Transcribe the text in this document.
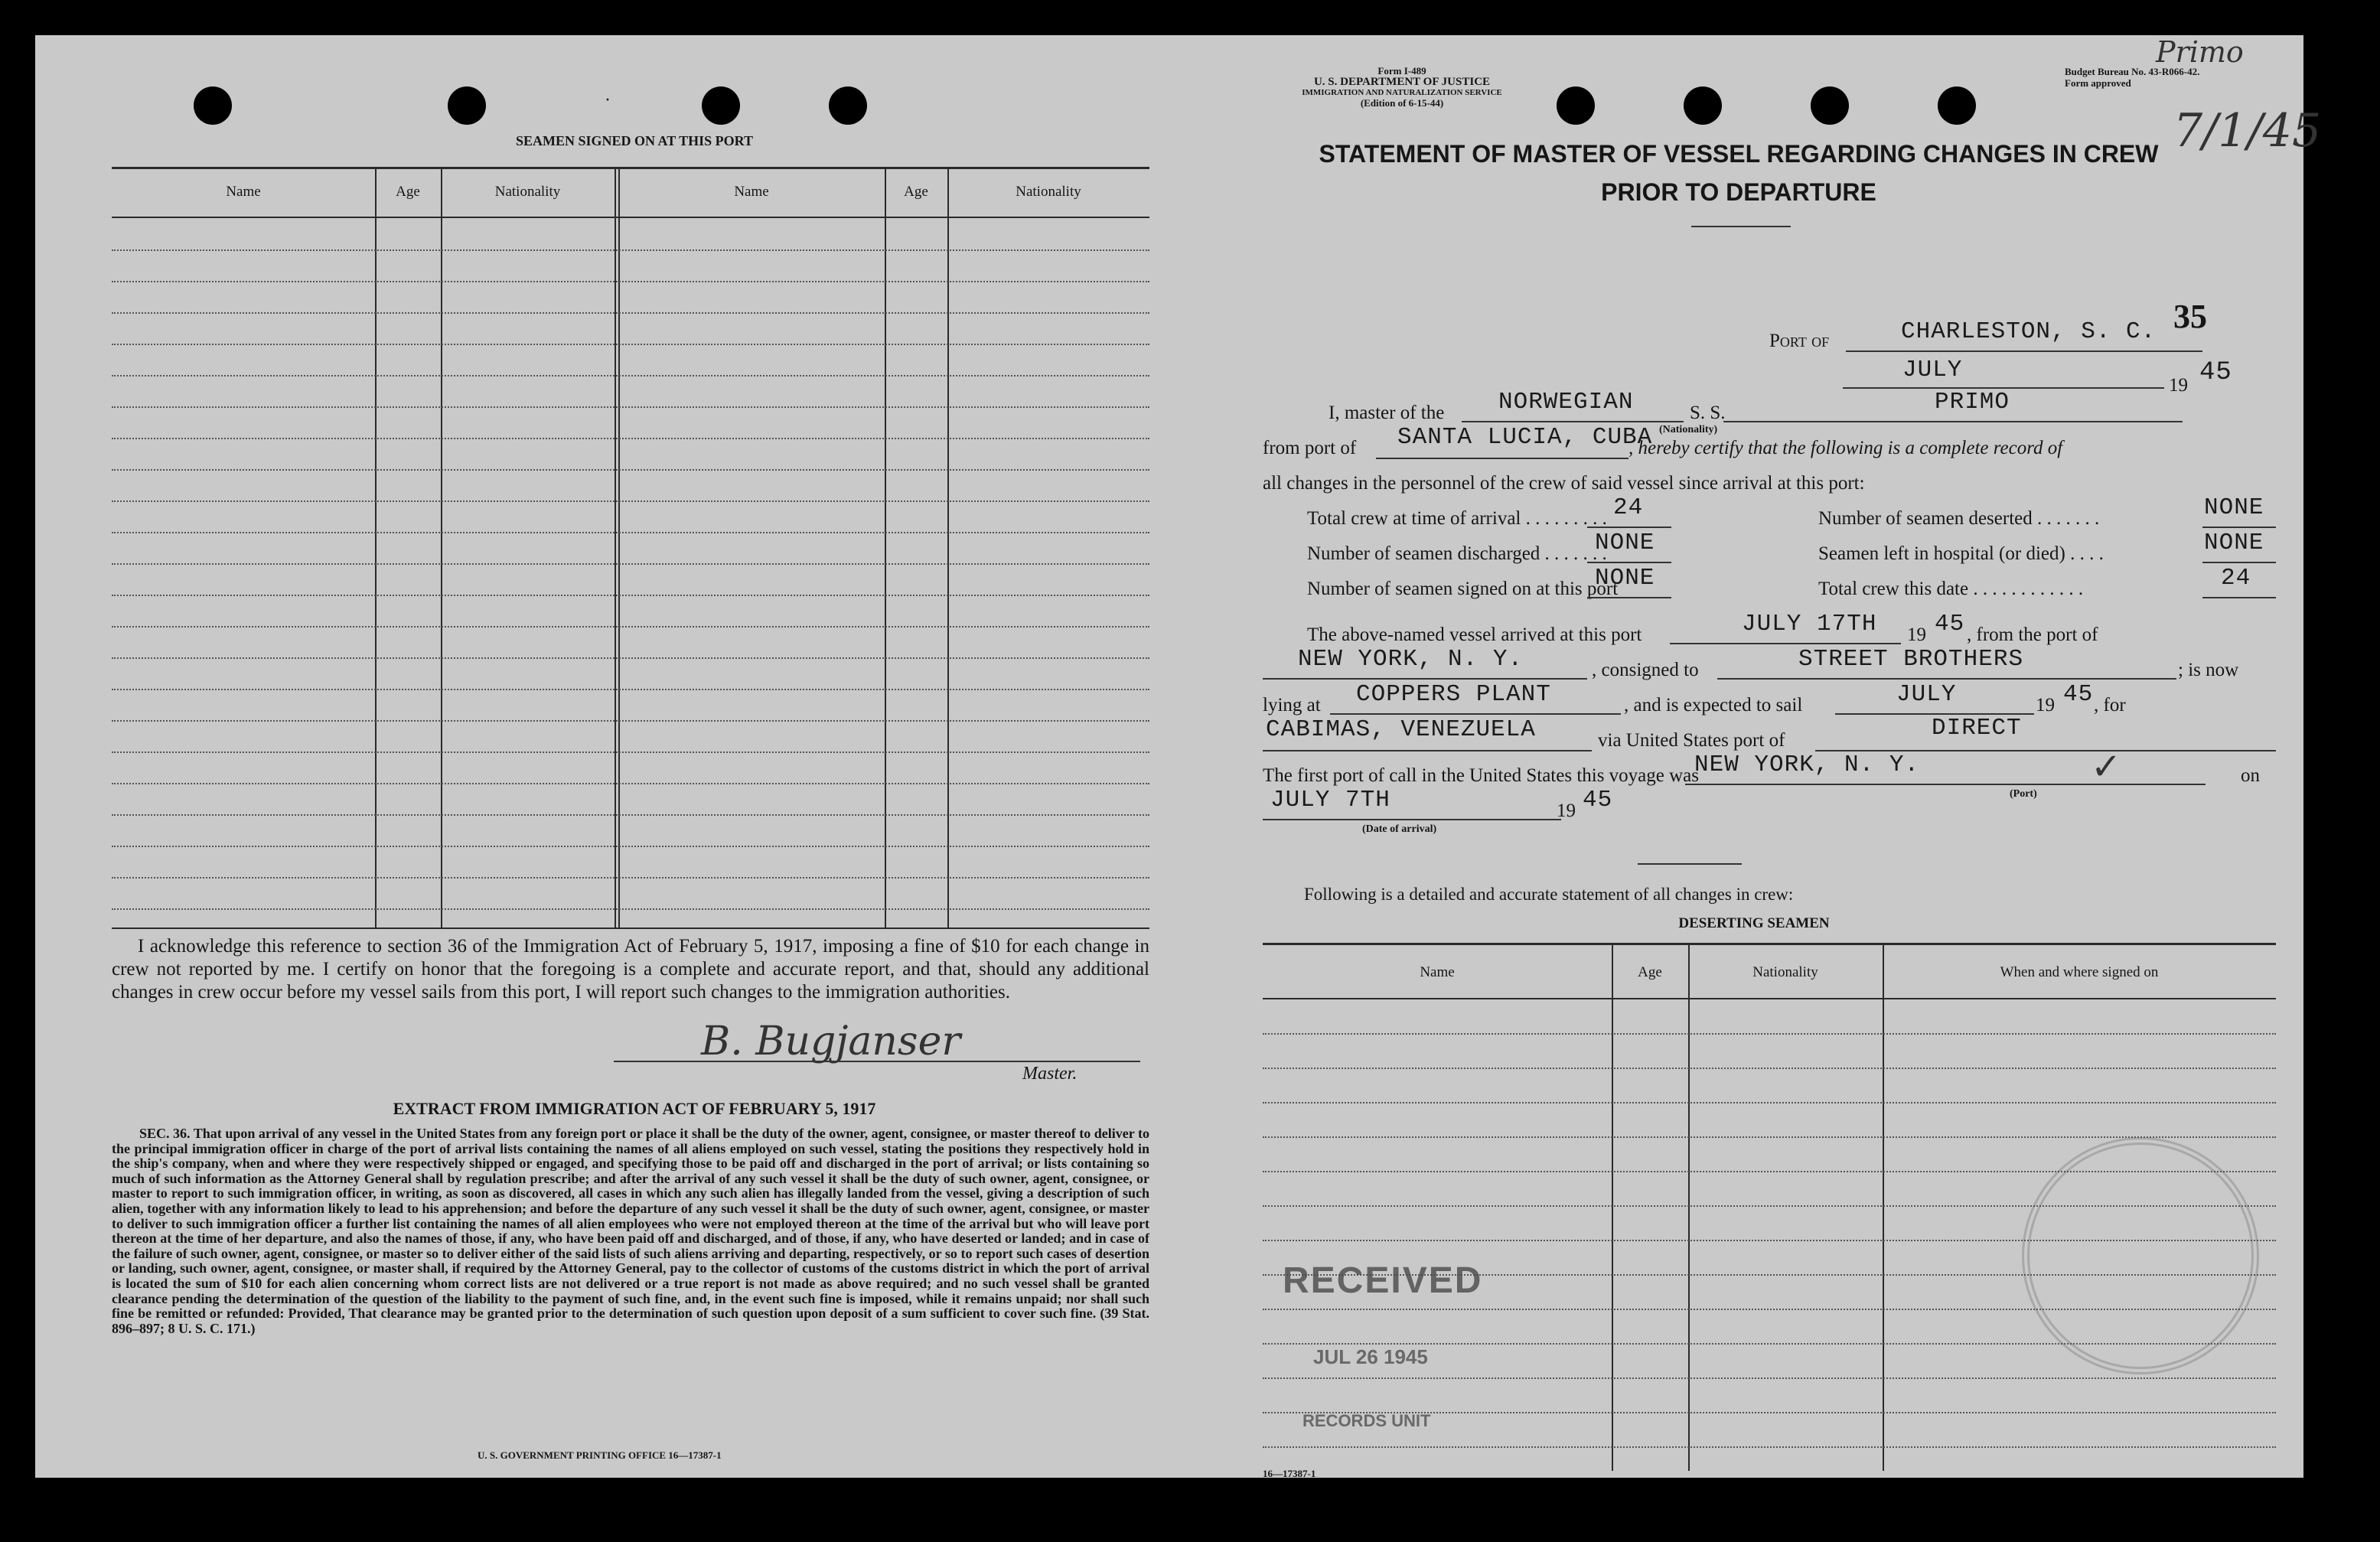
·
SEAMEN SIGNED ON AT THIS PORT
Name	Age	Nationality	Name	Age	Nationality
I acknowledge this reference to section 36 of the Immigration Act of February 5, 1917, imposing a fine of $10 for each change in crew not reported by me. I certify on honor that the foregoing is a complete and accurate report, and that, should any additional changes in crew occur before my vessel sails from this port, I will report such changes to the immigration authorities.
B. Bugjanser
Master.
EXTRACT FROM IMMIGRATION ACT OF FEBRUARY 5, 1917
SEC. 36. That upon arrival of any vessel in the United States from any foreign port or place it shall be the duty of the owner, agent, consignee, or master thereof to deliver to the principal immigration officer in charge of the port of arrival lists containing the names of all aliens employed on such vessel, stating the positions they respectively hold in the ship's company, when and where they were respectively shipped or engaged, and specifying those to be paid off and discharged in the port of arrival; or lists containing so much of such information as the Attorney General shall by regulation prescribe; and after the arrival of any such vessel it shall be the duty of such owner, agent, consignee, or master to report to such immigration officer, in writing, as soon as discovered, all cases in which any such alien has illegally landed from the vessel, giving a description of such alien, together with any information likely to lead to his apprehension; and before the departure of any such vessel it shall be the duty of such owner, agent, consignee, or master to deliver to such immigration officer a further list containing the names of all alien employees who were not employed thereon at the time of the arrival but who will leave port thereon at the time of her departure, and also the names of those, if any, who have been paid off and discharged, and of those, if any, who have deserted or landed; and in case of the failure of such owner, agent, consignee, or master so to deliver either of the said lists of such aliens arriving and departing, respectively, or so to report such cases of desertion or landing, such owner, agent, consignee, or master shall, if required by the Attorney General, pay to the collector of customs of the customs district in which the port of arrival is located the sum of $10 for each alien concerning whom correct lists are not delivered or a true report is not made as above required; and no such vessel shall be granted clearance pending the determination of the question of the liability to the payment of such fine, and, in the event such fine is imposed, while it remains unpaid; nor shall such fine be remitted or refunded: Provided, That clearance may be granted prior to the determination of such question upon deposit of a sum sufficient to cover such fine. (39 Stat. 896–897; 8 U. S. C. 171.)
U. S. GOVERNMENT PRINTING OFFICE 16—17387-1
Form I-489
U. S. DEPARTMENT OF JUSTICE
IMMIGRATION AND NATURALIZATION SERVICE
(Edition of 6-15-44)
Budget Bureau No. 43-R066-42.
Form approved
Primo
7/1/45
STATEMENT OF MASTER OF VESSEL REGARDING CHANGES IN CREW
PRIOR TO DEPARTURE
Port of	CHARLESTON, S. C. 35
JULY
19 45
I, master of the NORWEGIAN	S. S.	PRIMO
(Nationality)
from port of SANTA LUCIA, CUBA
, hereby certify that the following is a complete record of
all changes in the personnel of the crew of said vessel since arrival at this port:
Total crew at time of arrival . . . . . . . . . 24
Number of seamen discharged . . . . . . .
NONE
Number of seamen signed on at this port
NONE
Number of seamen deserted . . . . . . .	NONE
Seamen left in hospital (or died) . . . .	NONE
Total crew this date . . . . . . . . . . . .	24
The above-named vessel arrived at this port	JULY 17TH 19 45 , from the port of
NEW YORK, N. Y.	, consigned to	STREET BROTHERS	; is now
lying at COPPERS PLANT	, and is expected to sail	JULY	19 45 , for
CABIMAS, VENEZUELA	via United States port of	DIRECT
The first port of call in the United States this voyage was
NEW YORK, N. Y.	on
(Port)
✓
JULY 7TH	19 45
(Date of arrival)
Following is a detailed and accurate statement of all changes in crew:
DESERTING SEAMEN
Name	Age	Nationality	When and where signed on
RECEIVED
JUL 26 1945
RECORDS UNIT
16—17387-1
